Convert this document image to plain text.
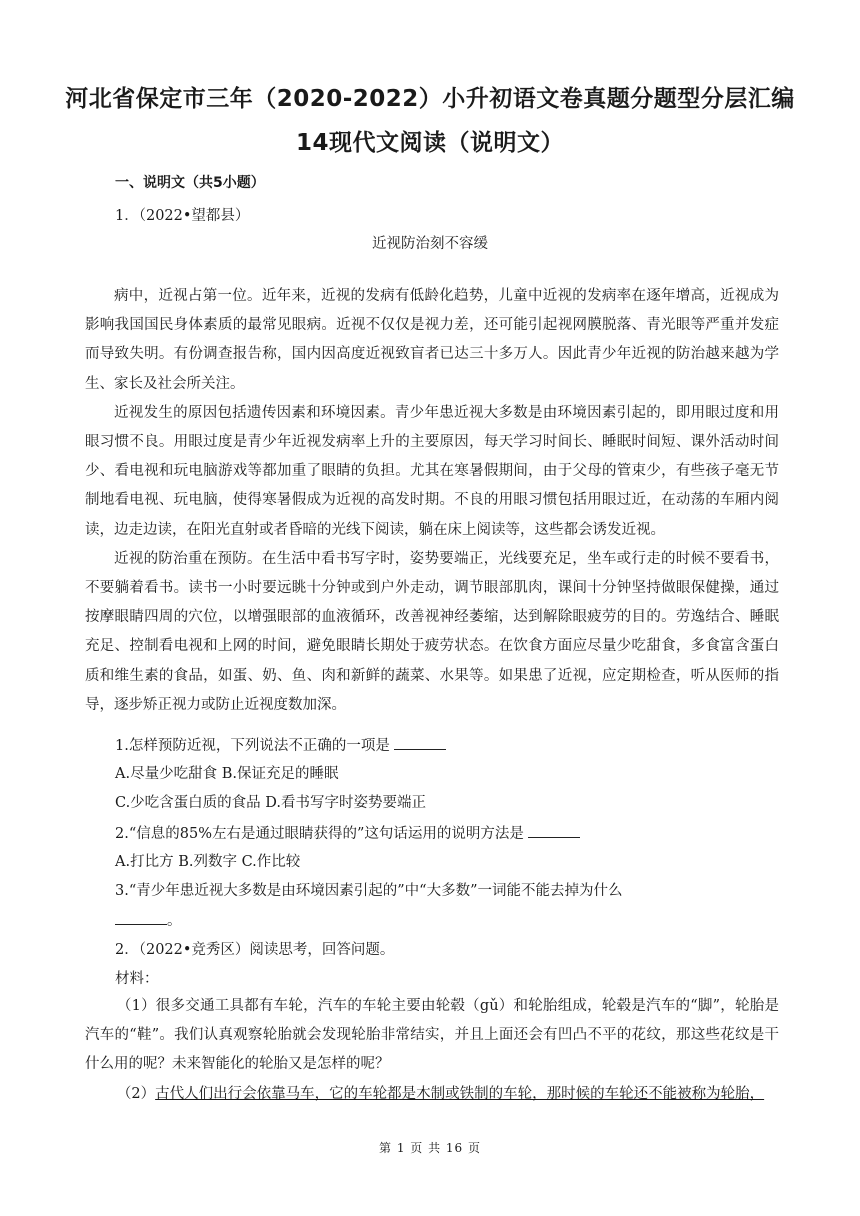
河北省保定市三年（2020-2022）小升初语文卷真题分题型分层汇编
14现代文阅读（说明文）
一、说明文（共5小题）
1．（2022•望都县）
近视防治刻不容缓

病中，近视占第一位。近年来，近视的发病有低龄化趋势，儿童中近视的发病率在逐年增高，近视成为影响我国国民身体素质的最常见眼病。近视不仅仅是视力差，还可能引起视网膜脱落、青光眼等严重并发症而导致失明。有份调查报告称，国内因高度近视致盲者已达三十多万人。因此青少年近视的防治越来越为学生、家长及社会所关注。

近视发生的原因包括遗传因素和环境因素。青少年患近视大多数是由环境因素引起的，即用眼过度和用眼习惯不良。用眼过度是青少年近视发病率上升的主要原因，每天学习时间长、睡眠时间短、课外活动时间少、看电视和玩电脑游戏等都加重了眼睛的负担。尤其在寒暑假期间，由于父母的管束少，有些孩子毫无节制地看电视、玩电脑，使得寒暑假成为近视的高发时期。不良的用眼习惯包括用眼过近，在动荡的车厢内阅读，边走边读，在阳光直射或者昏暗的光线下阅读，躺在床上阅读等，这些都会诱发近视。

近视的防治重在预防。在生活中看书写字时，姿势要端正，光线要充足，坐车或行走的时候不要看书，不要躺着看书。读书一小时要远眺十分钟或到户外走动，调节眼部肌肉，课间十分钟坚持做眼保健操，通过按摩眼睛四周的穴位，以增强眼部的血液循环，改善视神经萎缩，达到解除眼疲劳的目的。劳逸结合、睡眠充足、控制看电视和上网的时间，避免眼睛长期处于疲劳状态。在饮食方面应尽量少吃甜食，多食富含蛋白质和维生素的食品，如蛋、奶、鱼、肉和新鲜的蔬菜、水果等。如果患了近视，应定期检查，听从医师的指导，逐步矫正视力或防止近视度数加深。

1.怎样预防近视，下列说法不正确的一项是
A.尽量少吃甜食 B.保证充足的睡眠
C.少吃含蛋白质的食品 D.看书写字时姿势要端正
2.“信息的85%左右是通过眼睛获得的”这句话运用的说明方法是
A.打比方 B.列数字 C.作比较
3.“青少年患近视大多数是由环境因素引起的”中“大多数”一词能不能去掉为什么
。
2．（2022•竞秀区）阅读思考，回答问题。
材料：

（1）很多交通工具都有车轮，汽车的车轮主要由轮毂（gǔ）和轮胎组成，轮毂是汽车的“脚”，轮胎是汽车的“鞋”。我们认真观察轮胎就会发现轮胎非常结实，并且上面还会有凹凸不平的花纹，那这些花纹是干什么用的呢？未来智能化的轮胎又是怎样的呢？

（2）古代人们出行会依靠马车，它的车轮都是木制或铁制的车轮，那时候的车轮还不能被称为轮胎，

第 1 页 共 16 页
